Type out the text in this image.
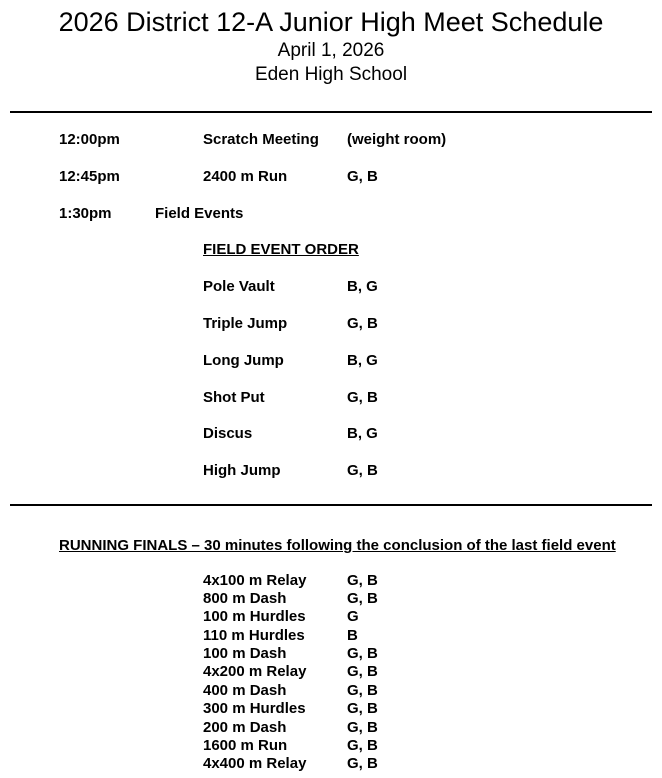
2026 District 12-A Junior High Meet Schedule
April 1, 2026
Eden High School
12:00pm	Scratch Meeting (weight room)
12:45pm	2400 m Run	G, B
1:30pm	Field Events
FIELD EVENT ORDER
Pole Vault	B, G
Triple Jump	G, B
Long Jump	B, G
Shot Put	G, B
Discus	B, G
High Jump	G, B
RUNNING FINALS – 30 minutes following the conclusion of the last field event
4x100 m Relay	G, B
800 m Dash	G, B
100 m Hurdles	G
110 m Hurdles	B
100 m Dash	G, B
4x200 m Relay	G, B
400 m Dash	G, B
300 m Hurdles	G, B
200 m Dash	G, B
1600 m Run	G, B
4x400 m Relay	G, B
